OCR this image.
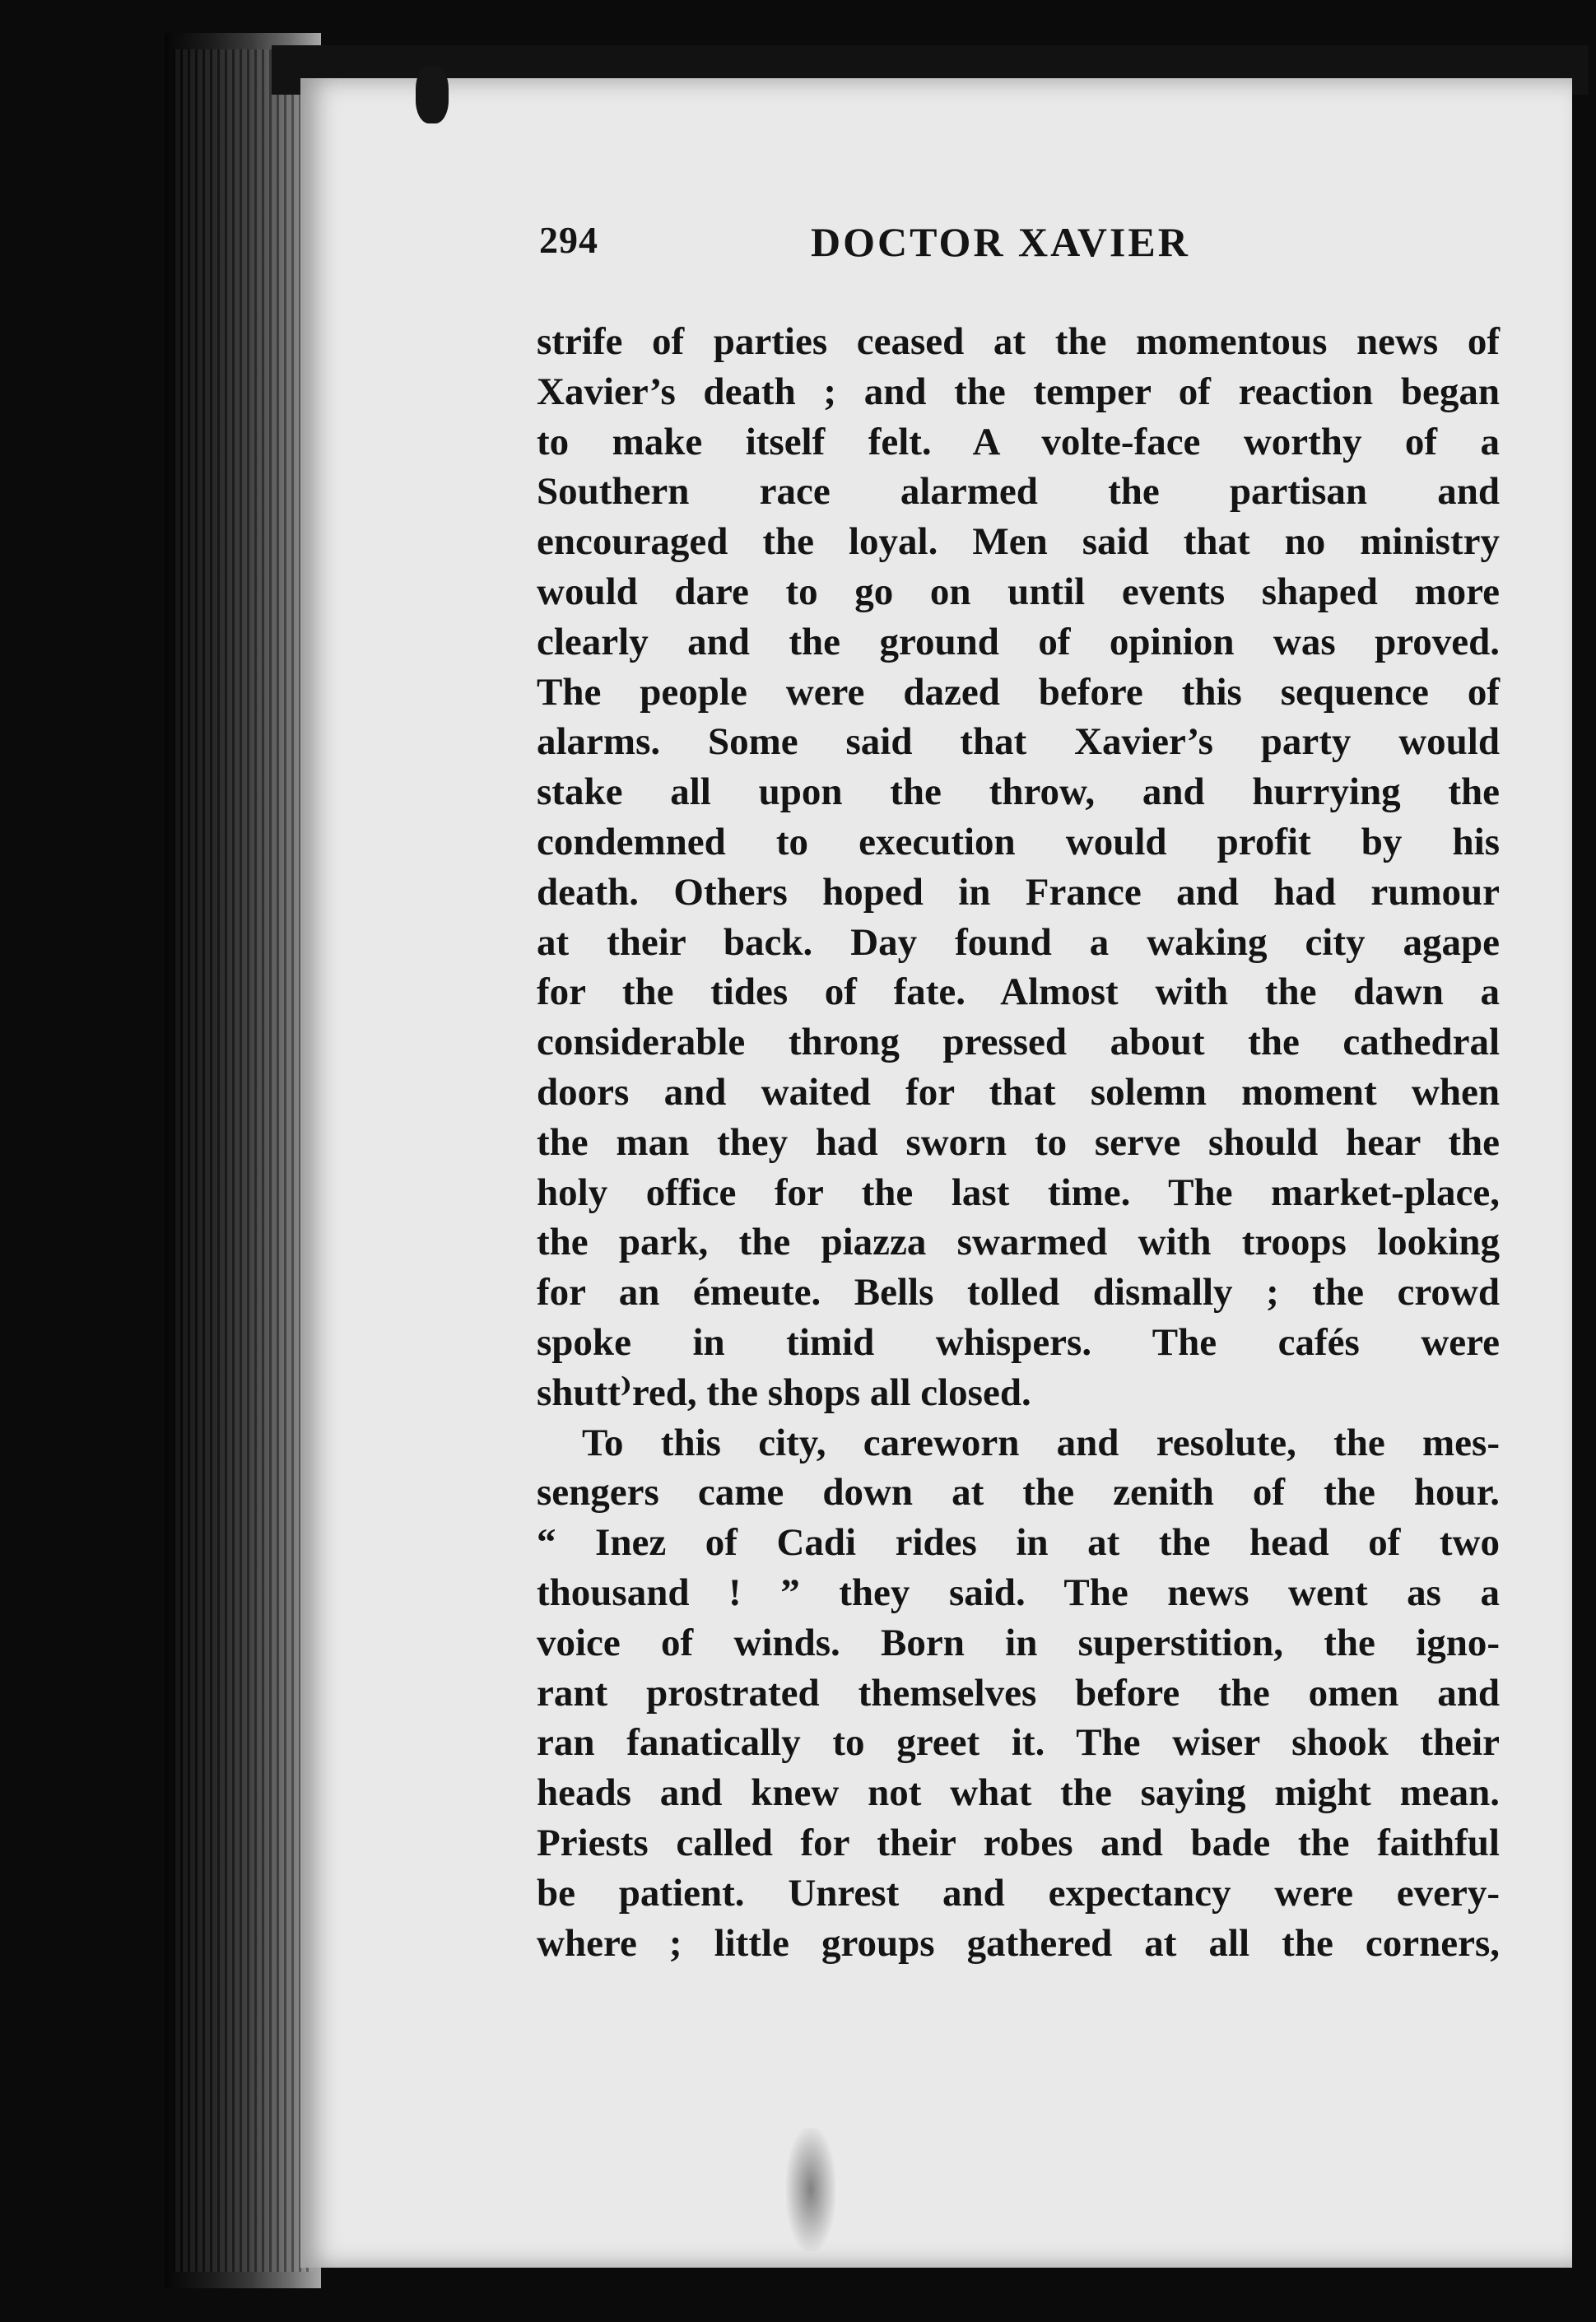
294	DOCTOR XAVIER
strife of parties ceased at the momentous news of
Xavier’s death ; and the temper of reaction began
to make itself felt. A volte-face worthy of a
Southern race alarmed the partisan and
encouraged the loyal. Men said that no ministry
would dare to go on until events shaped more
clearly and the ground of opinion was proved.
The people were dazed before this sequence of
alarms. Some said that Xavier’s party would
stake all upon the throw, and hurrying the
condemned to execution would profit by his
death. Others hoped in France and had rumour
at their back. Day found a waking city agape
for the tides of fate. Almost with the dawn a
considerable throng pressed about the cathedral
doors and waited for that solemn moment when
the man they had sworn to serve should hear the
holy office for the last time. The market-place,
the park, the piazza swarmed with troops looking
for an émeute. Bells tolled dismally ; the crowd
spoke in timid whispers. The cafés were
shutt⁾red, the shops all closed.
To this city, careworn and resolute, the mes-
sengers came down at the zenith of the hour.
“ Inez of Cadi rides in at the head of two
thousand ! ” they said. The news went as a
voice of winds. Born in superstition, the igno-
rant prostrated themselves before the omen and
ran fanatically to greet it. The wiser shook their
heads and knew not what the saying might mean.
Priests called for their robes and bade the faithful
be patient. Unrest and expectancy were every-
where ; little groups gathered at all the corners,
